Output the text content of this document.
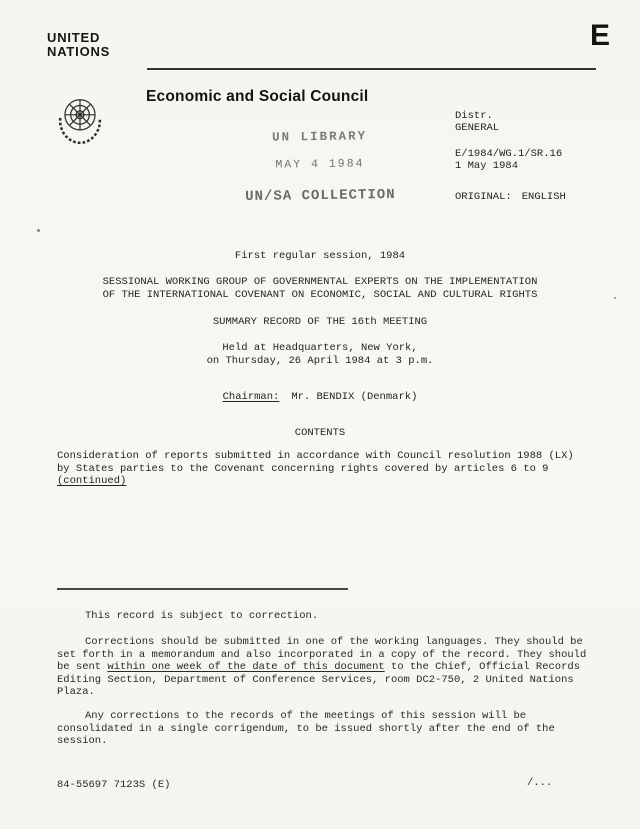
UNITED
NATIONS	E
Economic and Social Council
UN LIBRARY
MAY 4 1984
UN/SA COLLECTION
Distr.
GENERAL
E/1984/WG.1/SR.16
1 May 1984
ORIGINAL: ENGLISH
First regular session, 1984
SESSIONAL WORKING GROUP OF GOVERNMENTAL EXPERTS ON THE IMPLEMENTATION
OF THE INTERNATIONAL COVENANT ON ECONOMIC, SOCIAL AND CULTURAL RIGHTS
SUMMARY RECORD OF THE 16th MEETING
Held at Headquarters, New York,
on Thursday, 26 April 1984 at 3 p.m.
Chairman: Mr. BENDIX (Denmark)
CONTENTS
Consideration of reports submitted in accordance with Council resolution 1988 (LX)
by States parties to the Covenant concerning rights covered by articles 6 to 9
(continued)
This record is subject to correction.

Corrections should be submitted in one of the working languages. They should be set forth in a memorandum and also incorporated in a copy of the record. They should be sent within one week of the date of this document to the Chief, Official Records Editing Section, Department of Conference Services, room DC2-750, 2 United Nations Plaza.

Any corrections to the records of the meetings of this session will be consolidated in a single corrigendum, to be issued shortly after the end of the session.

84-55697 7123S (E)	/...
